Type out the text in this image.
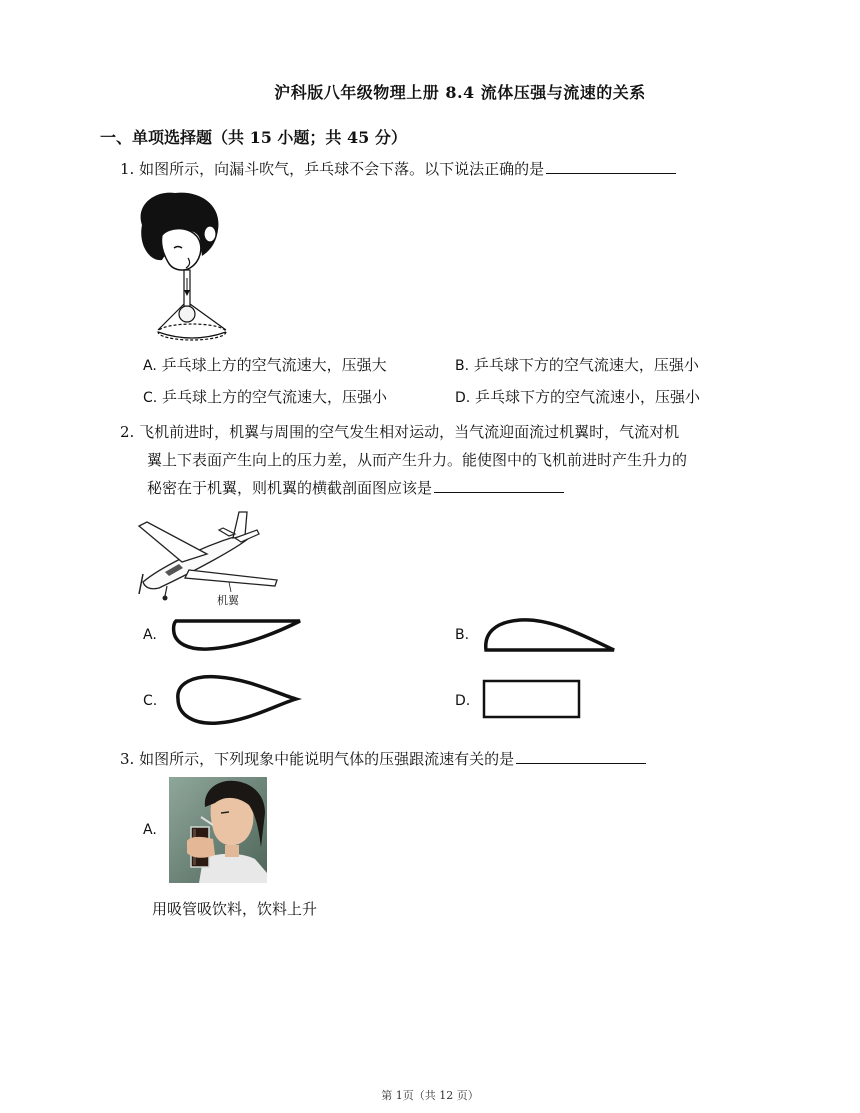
沪科版八年级物理上册 8.4 流体压强与流速的关系
一、单项选择题（共 15 小题；共 45 分）
1. 如图所示，向漏斗吹气，乒乓球不会下落。以下说法正确的是
A. 乒乓球上方的空气流速大，压强大	B. 乒乓球下方的空气流速大，压强小
C. 乒乓球上方的空气流速大，压强小	D. 乒乓球下方的空气流速小，压强小
2. 飞机前进时，机翼与周围的空气发生相对运动，当气流迎面流过机翼时，气流对机
翼上下表面产生向上的压力差，从而产生升力。能使图中的飞机前进时产生升力的
秘密在于机翼，则机翼的横截剖面图应该是
机翼
A.	B.
C.	D.
3. 如图所示，下列现象中能说明气体的压强跟流速有关的是
A.
用吸管吸饮料，饮料上升
第 1页（共 12 页）
